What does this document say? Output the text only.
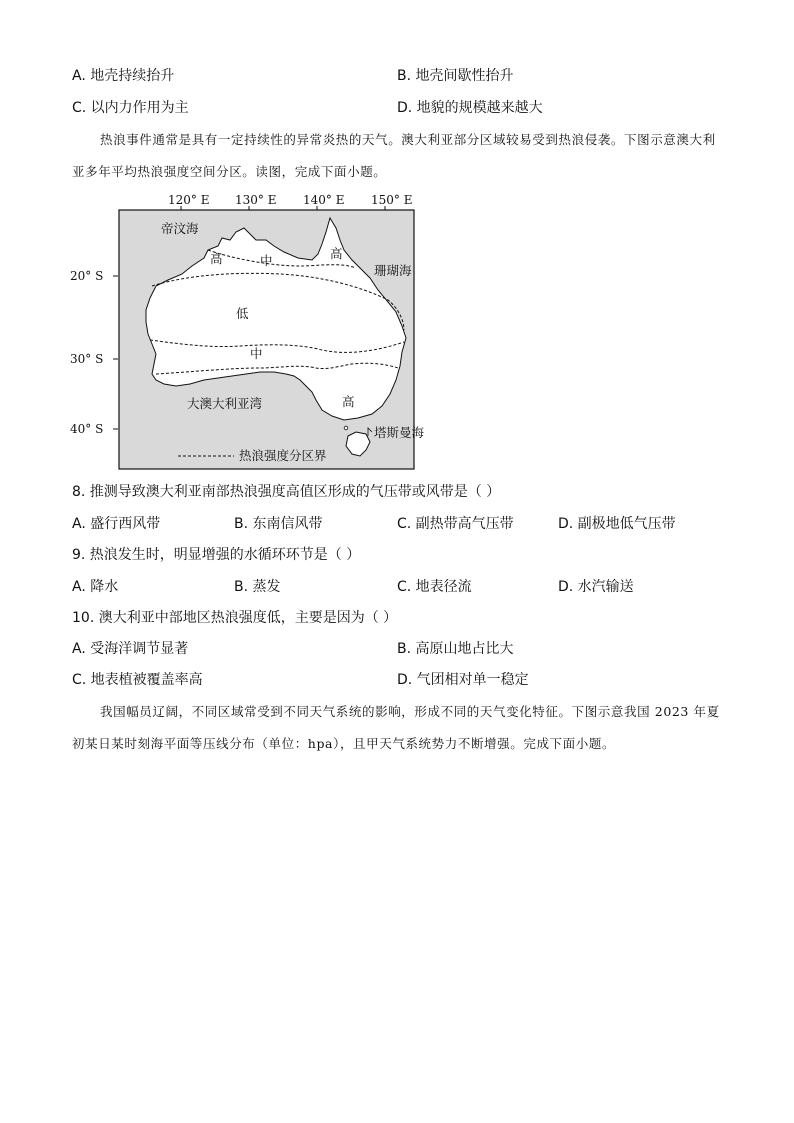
A. 地壳持续抬升	B. 地壳间歇性抬升
C. 以内力作用为主	D. 地貌的规模越来越大
热浪事件通常是具有一定持续性的异常炎热的天气。澳大利亚部分区域较易受到热浪侵袭。下图示意澳大利亚多年平均热浪强度空间分区。读图，完成下面小题。
120° E 130° E 140° E 150° E
20° S
30° S
40° S
高	中	高
低
中
高
帝汶海
珊瑚海
大澳大利亚湾
塔斯曼海
热浪强度分区界
8. 推测导致澳大利亚南部热浪强度高值区形成的气压带或风带是（ ）
A. 盛行西风带	B. 东南信风带	C. 副热带高气压带	D. 副极地低气压带
9. 热浪发生时，明显增强的水循环环节是（ ）
A. 降水	B. 蒸发	C. 地表径流	D. 水汽输送
10. 澳大利亚中部地区热浪强度低，主要是因为（ ）
A. 受海洋调节显著	B. 高原山地占比大
C. 地表植被覆盖率高	D. 气团相对单一稳定
我国幅员辽阔，不同区域常受到不同天气系统的影响，形成不同的天气变化特征。下图示意我国 2023 年夏初某日某时刻海平面等压线分布（单位：hpa），且甲天气系统势力不断增强。完成下面小题。
